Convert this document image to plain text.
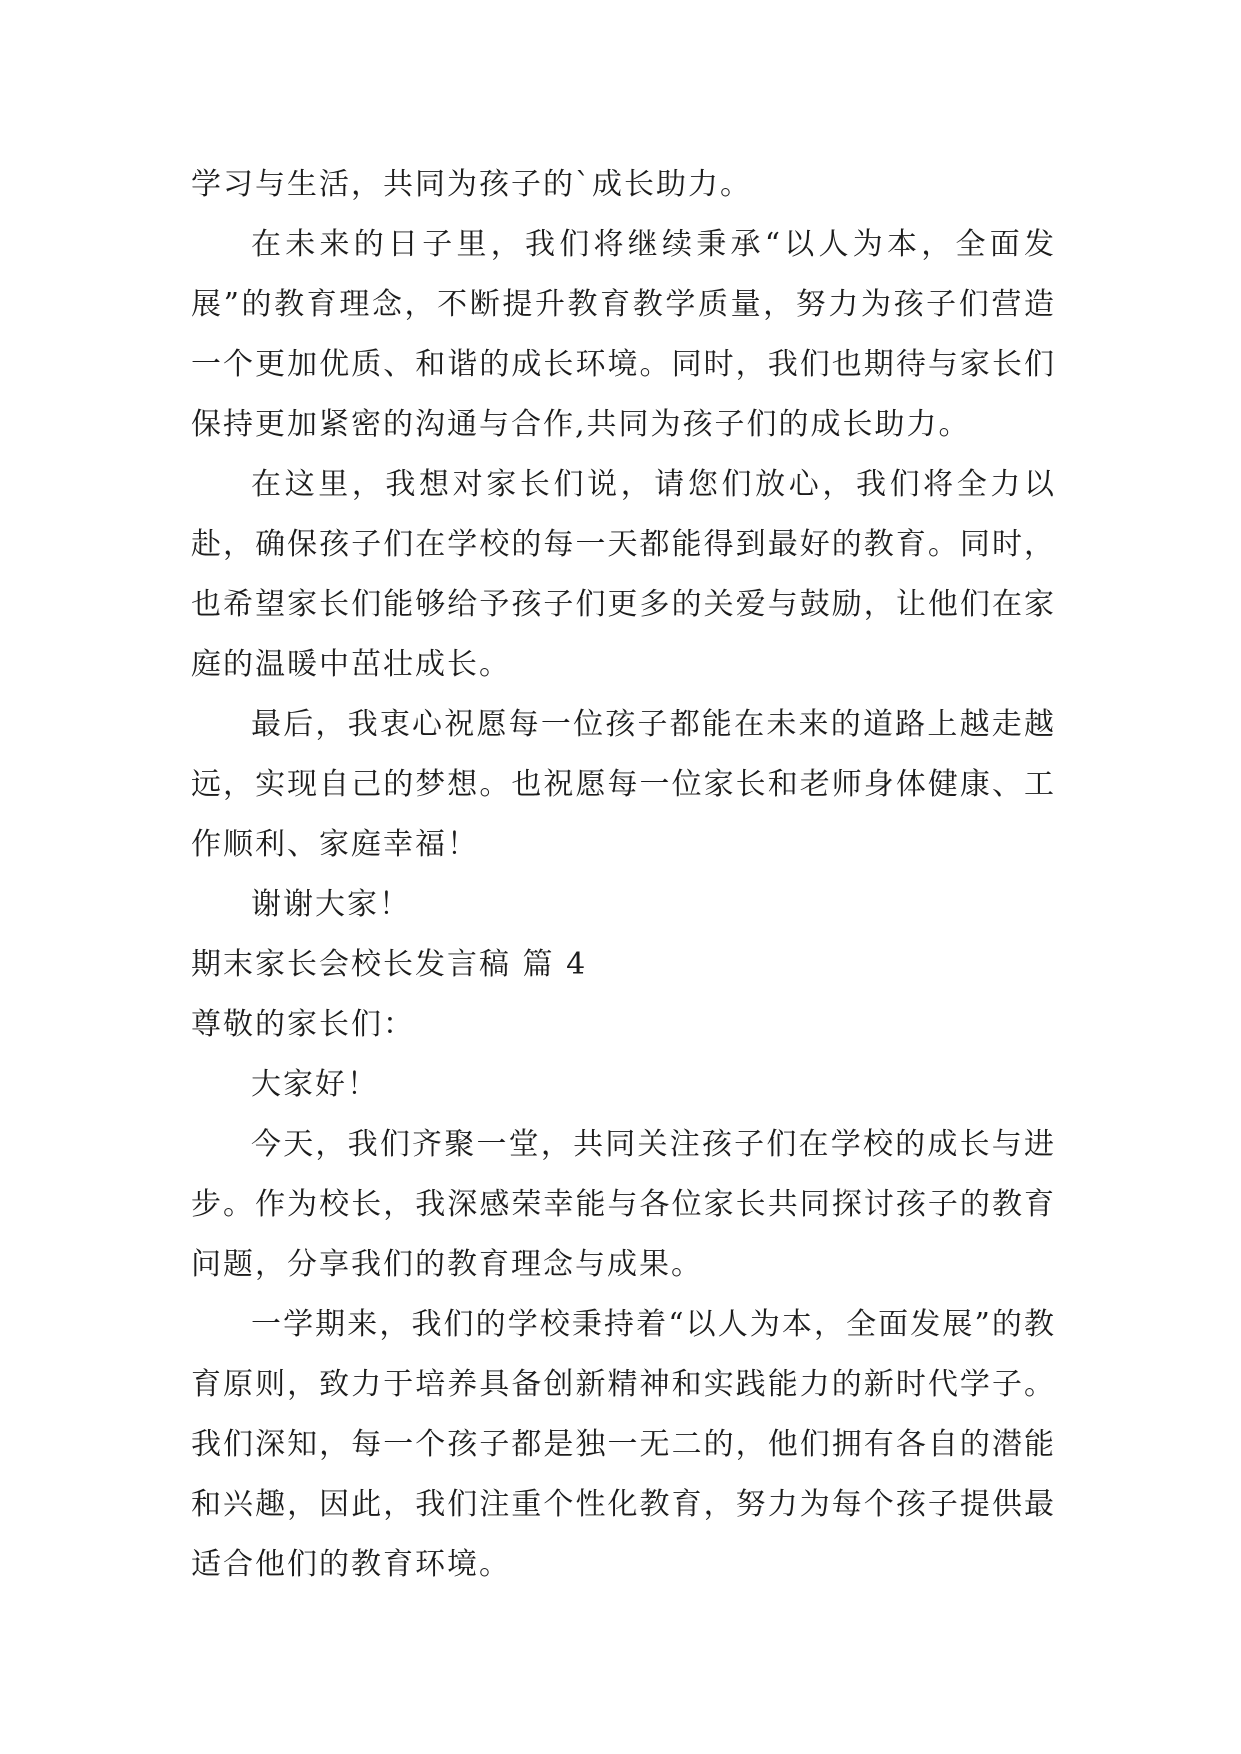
学习与生活，共同为孩子的`成长助力。

在未来的日子里，我们将继续秉承“以人为本，全面发展”的教育理念，不断提升教育教学质量，努力为孩子们营造一个更加优质、和谐的成长环境。同时，我们也期待与家长们保持更加紧密的沟通与合作,共同为孩子们的成长助力。

在这里，我想对家长们说，请您们放心，我们将全力以赴，确保孩子们在学校的每一天都能得到最好的教育。同时，也希望家长们能够给予孩子们更多的关爱与鼓励，让他们在家庭的温暖中茁壮成长。

最后，我衷心祝愿每一位孩子都能在未来的道路上越走越远，实现自己的梦想。也祝愿每一位家长和老师身体健康、工作顺利、家庭幸福！

谢谢大家！

期末家长会校长发言稿 篇 4

尊敬的家长们：

大家好！

今天，我们齐聚一堂，共同关注孩子们在学校的成长与进步。作为校长，我深感荣幸能与各位家长共同探讨孩子的教育问题，分享我们的教育理念与成果。

一学期来，我们的学校秉持着“以人为本，全面发展”的教育原则，致力于培养具备创新精神和实践能力的新时代学子。我们深知，每一个孩子都是独一无二的，他们拥有各自的潜能和兴趣，因此，我们注重个性化教育，努力为每个孩子提供最适合他们的教育环境。
